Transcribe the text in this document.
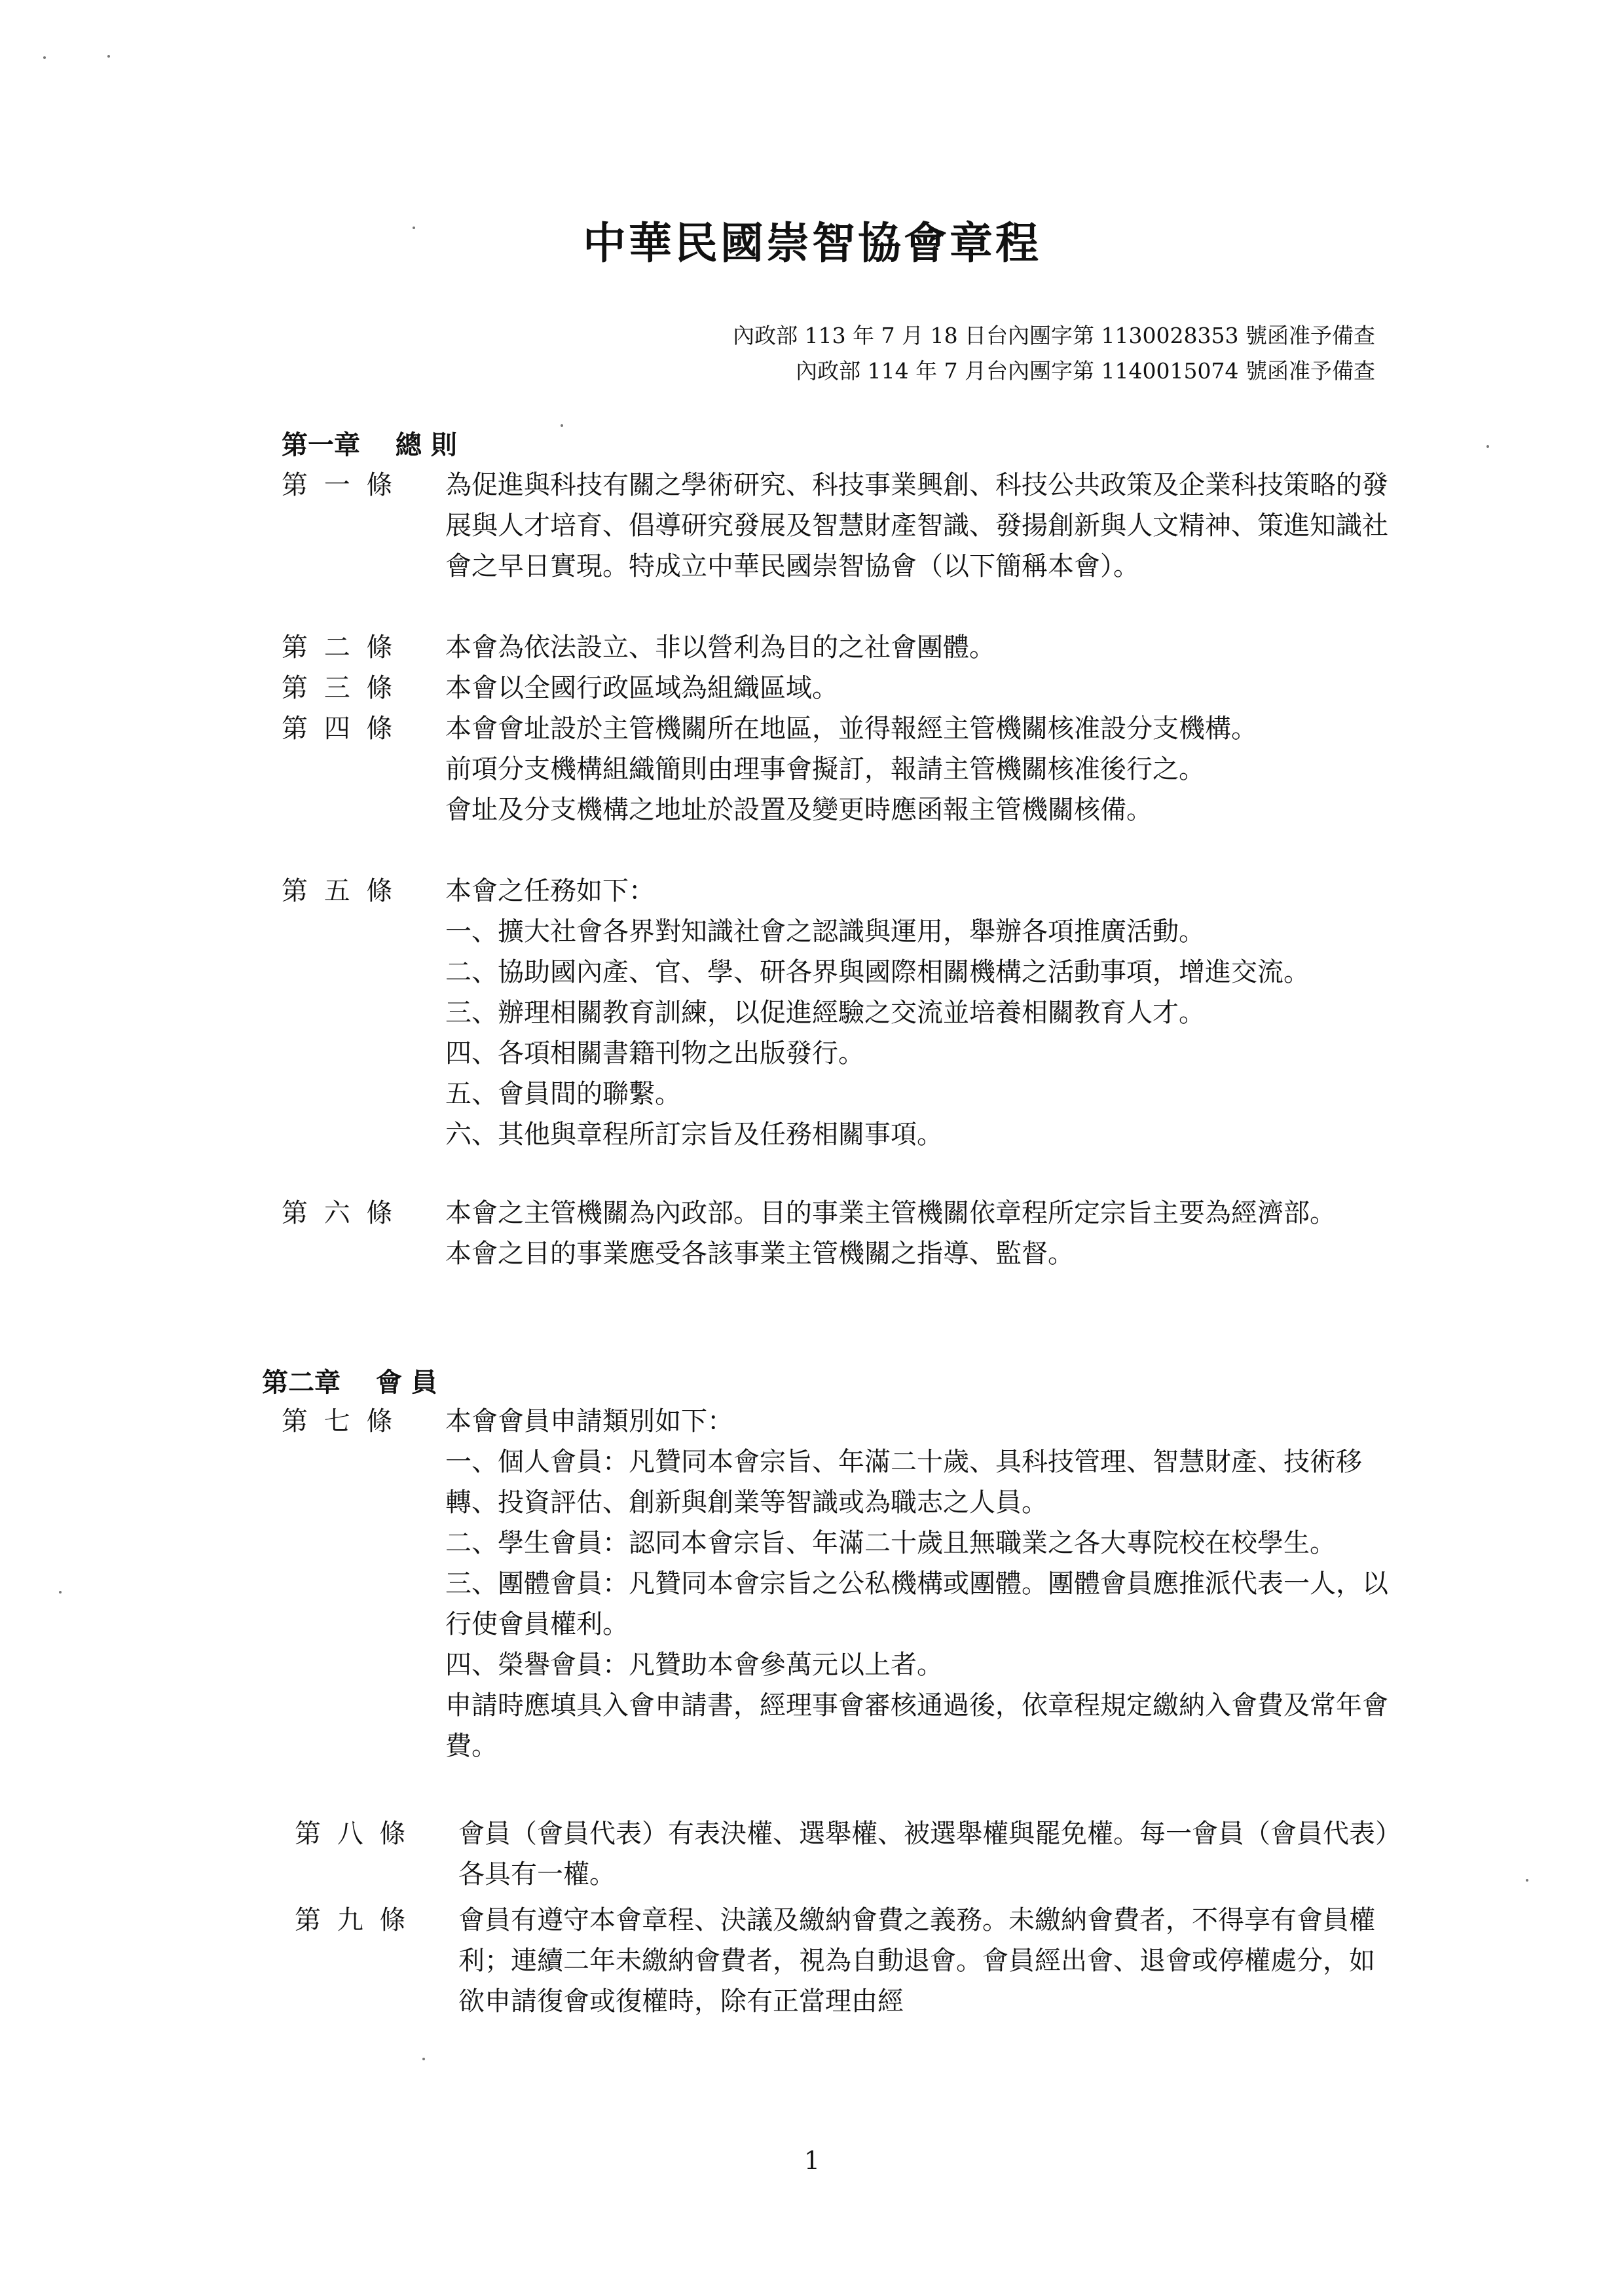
中華民國崇智協會章程
內政部 113 年 7 月 18 日台內團字第 1130028353 號函准予備查
內政部 114 年 7 月台內團字第 1140015074 號函准予備查
第一章 總 則
第 一 條 為促進與科技有關之學術研究、科技事業興創、科技公共政策及企業科技策略的發展與人才培育、倡導研究發展及智慧財產智識、發揚創新與人文精神、策進知識社會之早日實現。特成立中華民國崇智協會（以下簡稱本會）。

第 二 條 本會為依法設立、非以營利為目的之社會團體。

第 三 條 本會以全國行政區域為組織區域。

第 四 條 本會會址設於主管機關所在地區，並得報經主管機關核准設分支機構。

前項分支機構組織簡則由理事會擬訂，報請主管機關核准後行之。

會址及分支機構之地址於設置及變更時應函報主管機關核備。

第 五 條 本會之任務如下：

一、擴大社會各界對知識社會之認識與運用，舉辦各項推廣活動。

二、協助國內產、官、學、研各界與國際相關機構之活動事項，增進交流。

三、辦理相關教育訓練，以促進經驗之交流並培養相關教育人才。

四、各項相關書籍刊物之出版發行。

五、會員間的聯繫。

六、其他與章程所訂宗旨及任務相關事項。

第 六 條 本會之主管機關為內政部。目的事業主管機關依章程所定宗旨主要為經濟部。

本會之目的事業應受各該事業主管機關之指導、監督。

第二章 會 員
第 七 條 本會會員申請類別如下：

一、個人會員：凡贊同本會宗旨、年滿二十歲、具科技管理、智慧財產、技術移轉、投資評估、創新與創業等智識或為職志之人員。

二、學生會員：認同本會宗旨、年滿二十歲且無職業之各大專院校在校學生。

三、團體會員：凡贊同本會宗旨之公私機構或團體。團體會員應推派代表一人，以行使會員權利。

四、榮譽會員：凡贊助本會參萬元以上者。

申請時應填具入會申請書，經理事會審核通過後，依章程規定繳納入會費及常年會費。

第 八 條 會員（會員代表）有表決權、選舉權、被選舉權與罷免權。每一會員（會員代表）各具有一權。

第 九 條 會員有遵守本會章程、決議及繳納會費之義務。未繳納會費者，不得享有會員權利；連續二年未繳納會費者，視為自動退會。會員經出會、退會或停權處分，如欲申請復會或復權時，除有正當理由經

1
